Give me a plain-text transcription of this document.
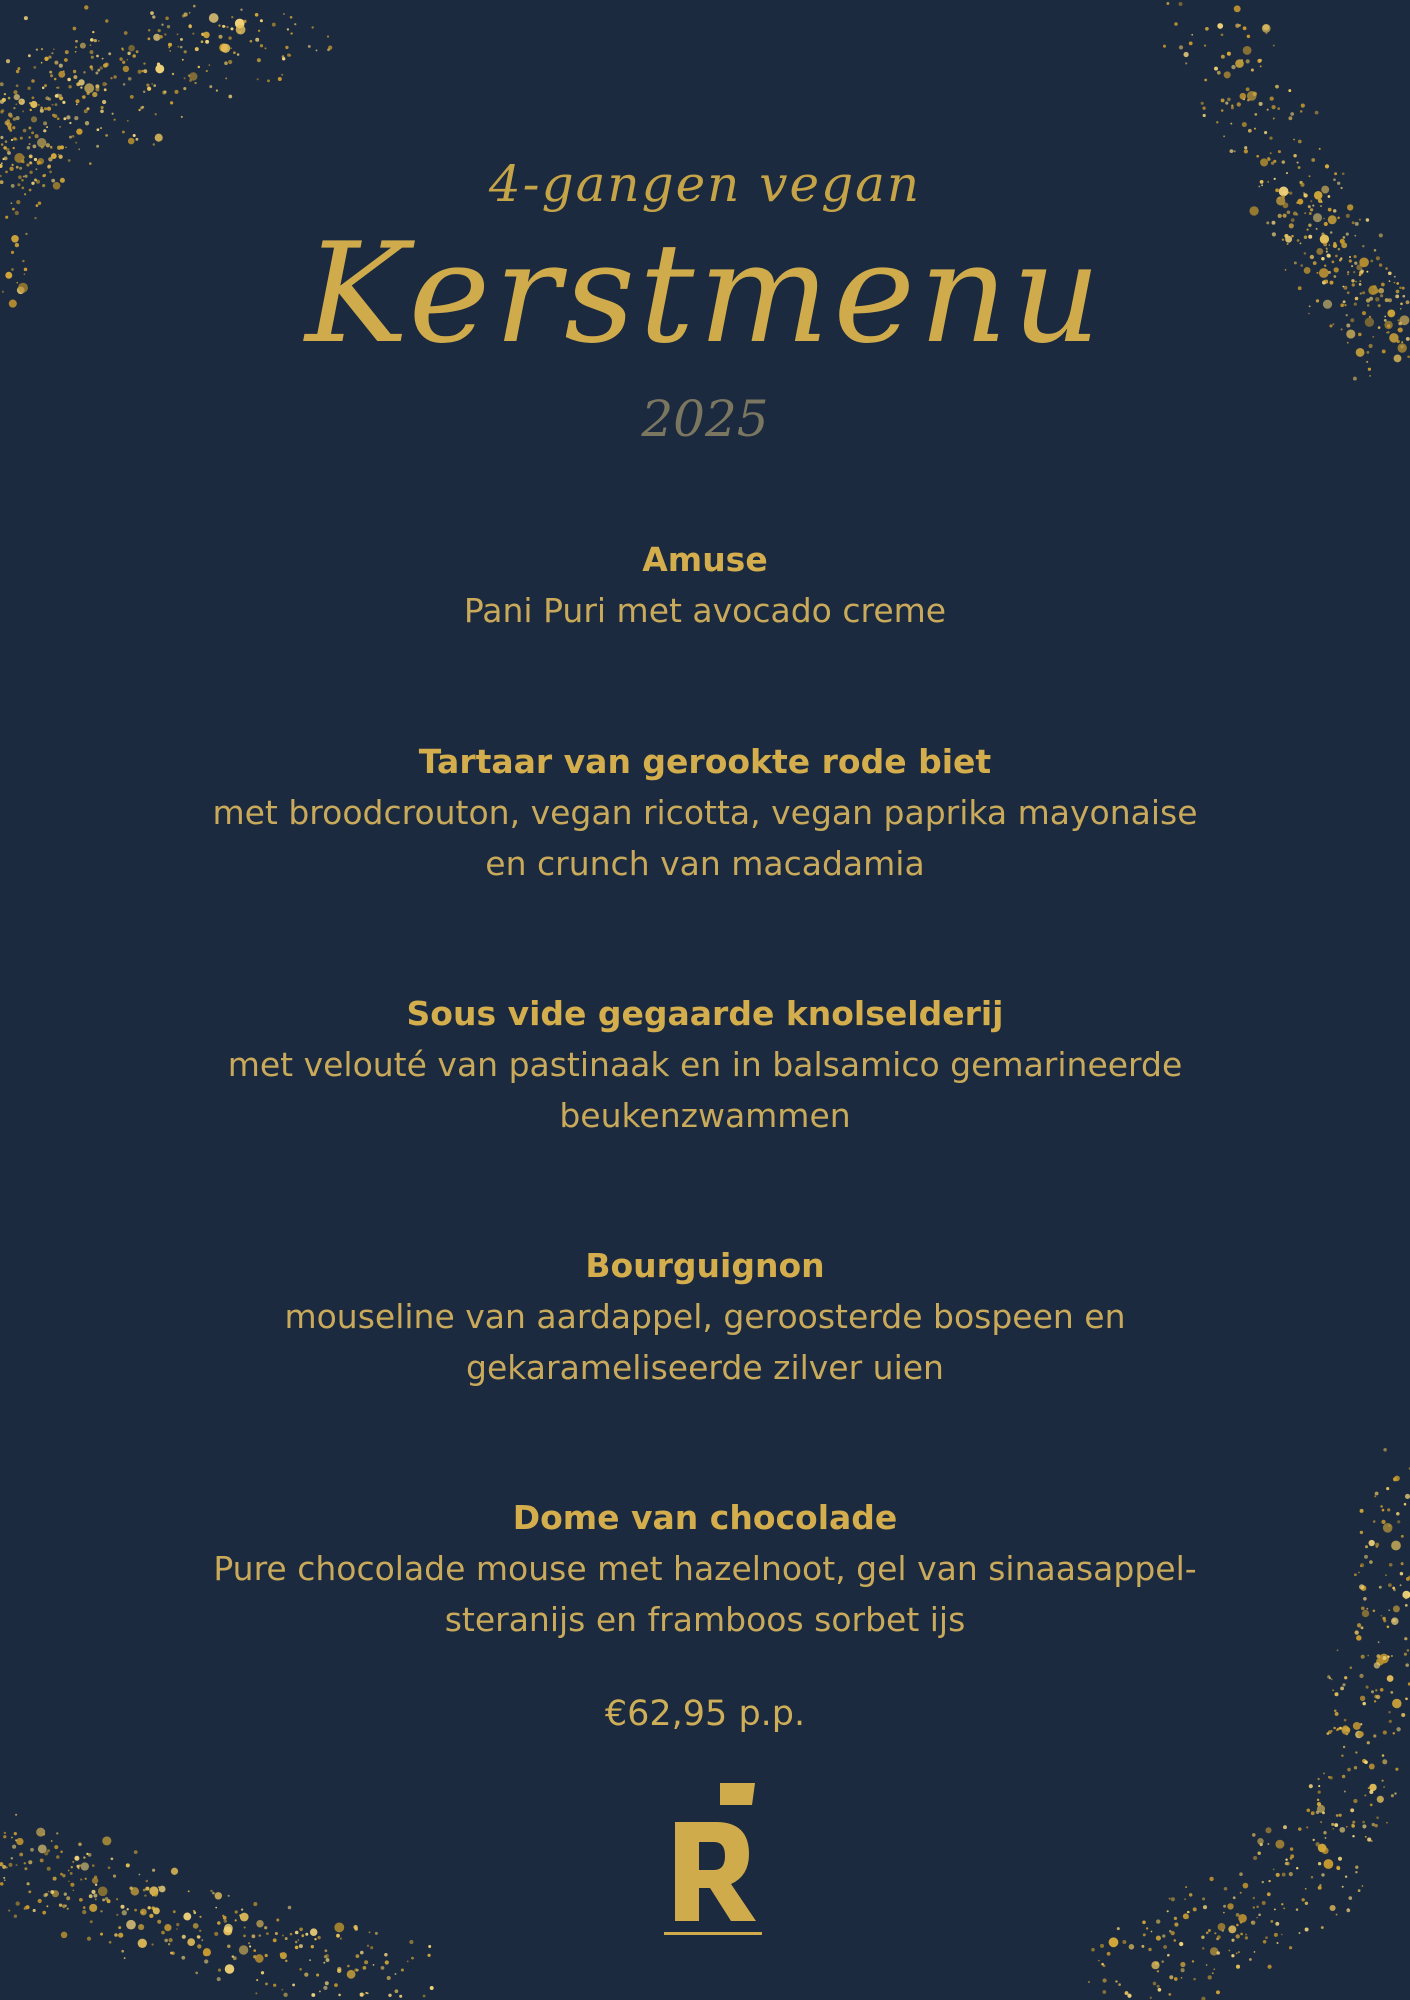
4-gangen vegan
Kerstmenu
2025
Amuse
Pani Puri met avocado creme
Tartaar van gerookte rode biet
met broodcrouton, vegan ricotta, vegan paprika mayonaise
en crunch van macadamia
Sous vide gegaarde knolselderij
met velouté van pastinaak en in balsamico gemarineerde
beukenzwammen
Bourguignon
mouseline van aardappel, geroosterde bospeen en
gekarameliseerde zilver uien
Dome van chocolade
Pure chocolade mouse met hazelnoot, gel van sinaasappel-
steranijs en framboos sorbet ijs
€62,95 p.p.
